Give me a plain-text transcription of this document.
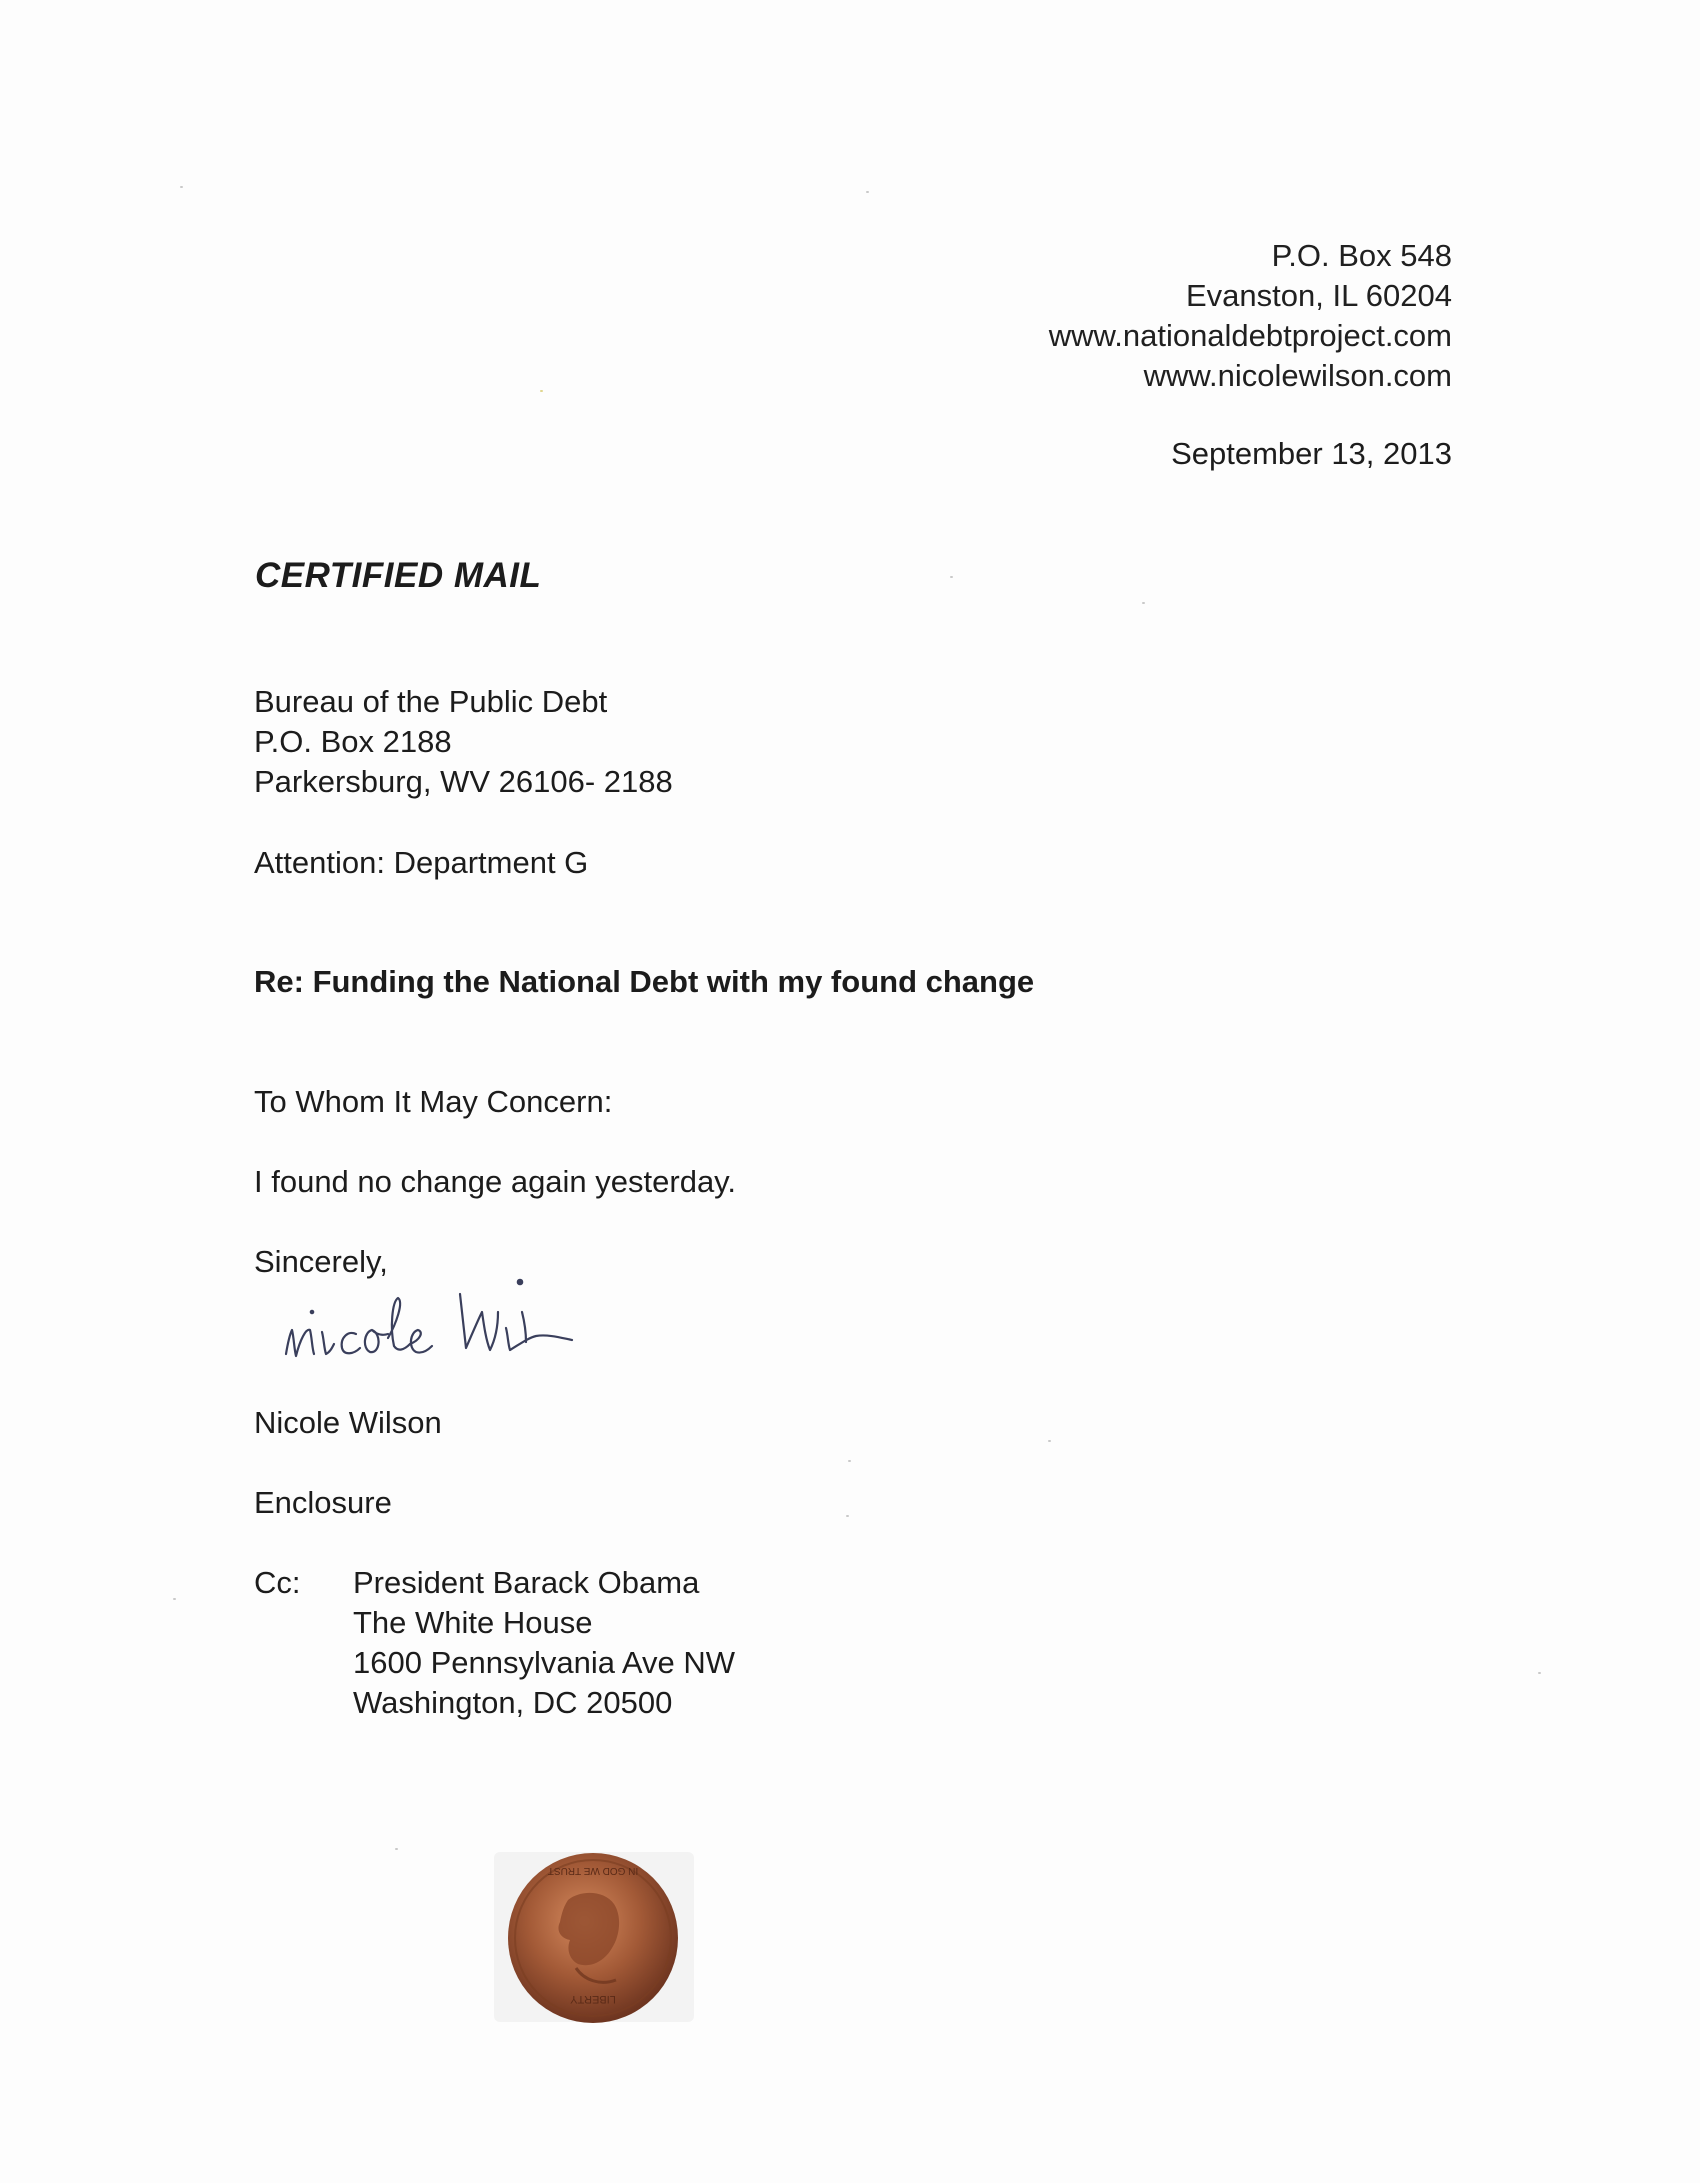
P.O. Box 548
Evanston, IL 60204
www.nationaldebtproject.com
www.nicolewilson.com
September 13, 2013
CERTIFIED MAIL
Bureau of the Public Debt
P.O. Box 2188
Parkersburg, WV 26106- 2188
Attention: Department G
Re: Funding the National Debt with my found change
To Whom It May Concern:
I found no change again yesterday.
Sincerely,
Nicole Wilson
Enclosure
Cc: President Barack Obama
The White House
1600 Pennsylvania Ave NW
Washington, DC 20500
LIBERTY
IN GOD WE TRUST
